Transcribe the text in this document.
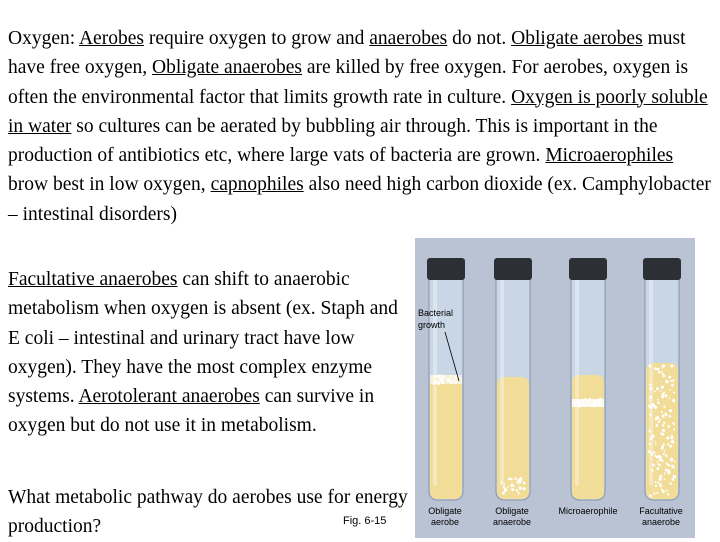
Oxygen: Aerobes require oxygen to grow and anaerobes do not. Obligate aerobes must have free oxygen, Obligate anaerobes are killed by free oxygen. For aerobes, oxygen is often the environmental factor that limits growth rate in culture. Oxygen is poorly soluble in water so cultures can be aerated by bubbling air through. This is important in the production of antibiotics etc, where large vats of bacteria are grown. Microaerophiles brow best in low oxygen, capnophiles also need high carbon dioxide (ex. Camphylobacter – intestinal disorders)

Facultative anaerobes can shift to anaerobic metabolism when oxygen is absent (ex. Staph and E coli – intestinal and urinary tract have low oxygen). They have the most complex enzyme systems. Aerotolerant anaerobes can survive in oxygen but do not use it in metabolism.

What metabolic pathway do aerobes use for energy production?	Fig. 6-15
Bacterial
growth
Obligate
aerobe
Obligate
anaerobe
Microaerophile Facultative
anaerobe
